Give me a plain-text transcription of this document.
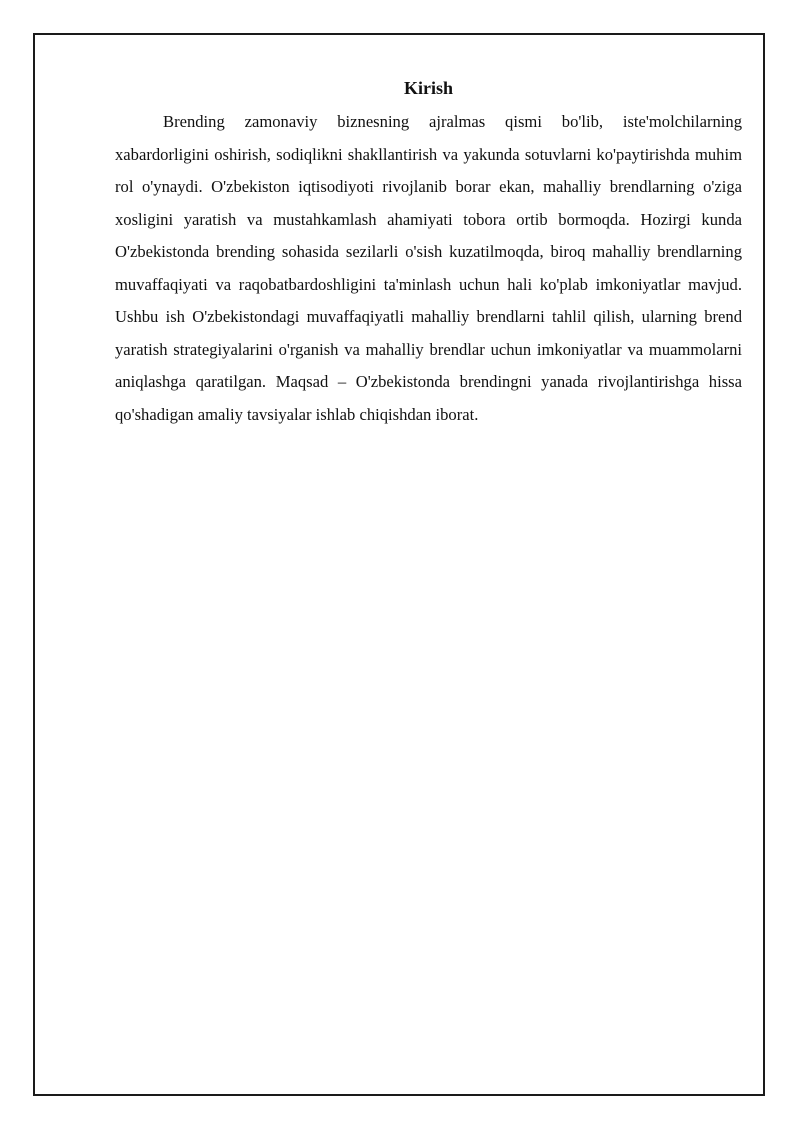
Kirish

Brending zamonaviy biznesning ajralmas qismi bo'lib, iste'molchilarning xabardorligini oshirish, sodiqlikni shakllantirish va yakunda sotuvlarni ko'paytirishda muhim rol o'ynaydi. O'zbekiston iqtisodiyoti rivojlanib borar ekan, mahalliy brendlarning o'ziga xosligini yaratish va mustahkamlash ahamiyati tobora ortib bormoqda. Hozirgi kunda O'zbekistonda brending sohasida sezilarli o'sish kuzatilmoqda, biroq mahalliy brendlarning muvaffaqiyati va raqobatbardoshligini ta'minlash uchun hali ko'plab imkoniyatlar mavjud. Ushbu ish O'zbekistondagi muvaffaqiyatli mahalliy brendlarni tahlil qilish, ularning brend yaratish strategiyalarini o'rganish va mahalliy brendlar uchun imkoniyatlar va muammolarni aniqlashga qaratilgan. Maqsad – O'zbekistonda brendingni yanada rivojlantirishga hissa qo'shadigan amaliy tavsiyalar ishlab chiqishdan iborat.
